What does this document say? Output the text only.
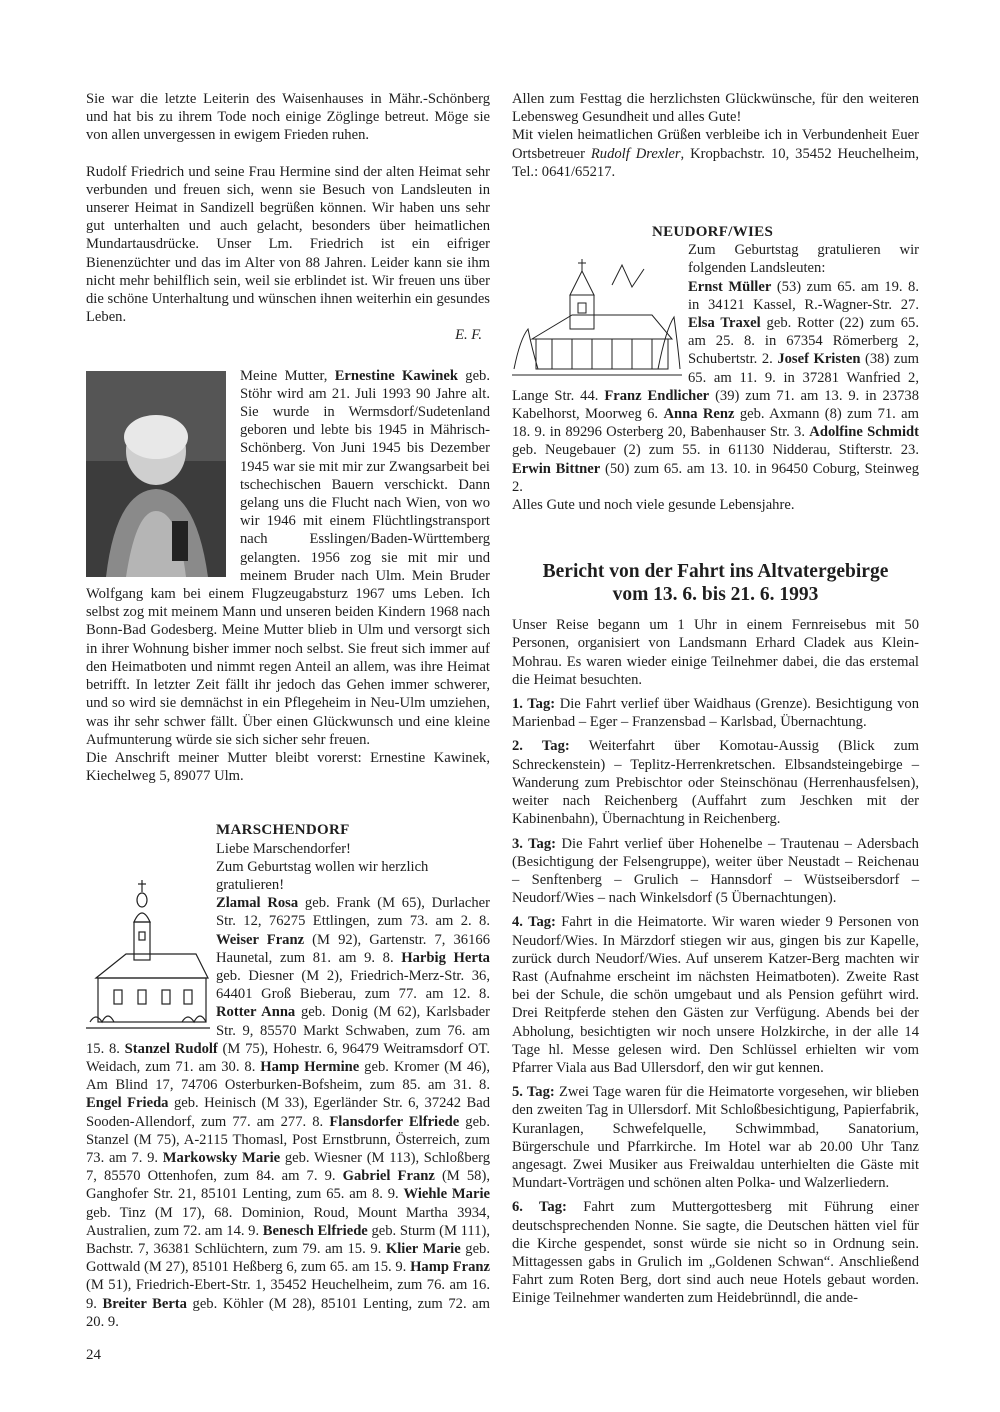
Sie war die letzte Leiterin des Waisenhauses in Mähr.-Schönberg und hat bis zu ihrem Tode noch einige Zöglinge betreut. Möge sie von allen unvergessen in ewigem Frieden ruhen.

Rudolf Friedrich und seine Frau Hermine sind der alten Heimat sehr verbunden und freuen sich, wenn sie Besuch von Landsleuten in unserer Heimat in Sandizell begrüßen können. Wir haben uns sehr gut unterhalten und auch gelacht, besonders über heimatlichen Mundartausdrücke. Unser Lm. Friedrich ist ein eifriger Bienenzüchter und das im Alter von 88 Jahren. Leider kann sie ihm nicht mehr behilflich sein, weil sie erblindet ist. Wir freuen uns über die schöne Unterhaltung und wünschen ihnen weiterhin ein gesundes Leben.

E. F.

Meine Mutter, Ernestine Kawinek geb. Stöhr wird am 21. Juli 1993 90 Jahre alt. Sie wurde in Wermsdorf/Sudetenland geboren und lebte bis 1945 in Mährisch-Schönberg. Von Juni 1945 bis Dezember 1945 war sie mit mir zur Zwangsarbeit bei tschechischen Bauern verschickt. Dann gelang uns die Flucht nach Wien, von wo wir 1946 mit einem Flüchtlingstransport nach Esslingen/Baden-Württemberg gelangten. 1956 zog sie mit mir und meinem Bruder nach Ulm. Mein Bruder Wolfgang kam bei einem Flugzeugabsturz 1967 ums Leben. Ich selbst zog mit meinem Mann und unseren beiden Kindern 1968 nach Bonn-Bad Godesberg. Meine Mutter blieb in Ulm und versorgt sich in ihrer Wohnung bisher immer noch selbst. Sie freut sich immer auf den Heimatboten und nimmt regen Anteil an allem, was ihre Heimat betrifft. In letzter Zeit fällt ihr jedoch das Gehen immer schwerer, und so wird sie demnächst in ein Pflegeheim in Neu-Ulm umziehen, was ihr sehr schwer fällt. Über einen Glückwunsch und eine kleine Aufmunterung würde sie sich sicher sehr freuen.

Die Anschrift meiner Mutter bleibt vorerst: Ernestine Kawinek, Kiechelweg 5, 89077 Ulm.

MARSCHENDORF
Liebe Marschendorfer!

Zum Geburtstag wollen wir herzlich gratulieren!

Zlamal Rosa geb. Frank (M 65), Durlacher Str. 12, 76275 Ettlingen, zum 73. am 2. 8. Weiser Franz (M 92), Gartenstr. 7, 36166 Haunetal, zum 81. am 9. 8. Harbig Herta geb. Diesner (M 2), Friedrich-Merz-Str. 36, 64401 Groß Bieberau, zum 77. am 12. 8. Rotter Anna geb. Donig (M 62), Karlsbader Str. 9, 85570 Markt Schwaben, zum 76. am 15. 8. Stanzel Rudolf (M 75), Hohestr. 6, 96479 Weitramsdorf OT. Weidach, zum 71. am 30. 8. Hamp Hermine geb. Kromer (M 46), Am Blind 17, 74706 Osterburken-Bofsheim, zum 85. am 31. 8. Engel Frieda geb. Heinisch (M 33), Egerländer Str. 6, 37242 Bad Sooden-Allendorf, zum 77. am 277. 8. Flansdorfer Elfriede geb. Stanzel (M 75), A-2115 Thomasl, Post Ernstbrunn, Österreich, zum 73. am 7. 9. Markowsky Marie geb. Wiesner (M 113), Schloßberg 7, 85570 Ottenhofen, zum 84. am 7. 9. Gabriel Franz (M 58), Ganghofer Str. 21, 85101 Lenting, zum 65. am 8. 9. Wiehle Marie geb. Tinz (M 17), 68. Dominion, Roud, Mount Martha 3934, Australien, zum 72. am 14. 9. Benesch Elfriede geb. Sturm (M 111), Bachstr. 7, 36381 Schlüchtern, zum 79. am 15. 9. Klier Marie geb. Gottwald (M 27), 85101 Heßberg 6, zum 65. am 15. 9. Hamp Franz (M 51), Friedrich-Ebert-Str. 1, 35452 Heuchelheim, zum 76. am 16. 9. Breiter Berta geb. Köhler (M 28), 85101 Lenting, zum 72. am 20. 9.

Allen zum Festtag die herzlichsten Glückwünsche, für den weiteren Lebensweg Gesundheit und alles Gute!

Mit vielen heimatlichen Grüßen verbleibe ich in Verbundenheit Euer Ortsbetreuer Rudolf Drexler, Kropbachstr. 10, 35452 Heuchelheim, Tel.: 0641/65217.

NEUDORF/WIES

Zum Geburtstag gratulieren wir folgenden Landsleuten:

Ernst Müller (53) zum 65. am 19. 8. in 34121 Kassel, R.-Wagner-Str. 27. Elsa Traxel geb. Rotter (22) zum 65. am 25. 8. in 67354 Römerberg 2, Schubertstr. 2. Josef Kristen (38) zum 65. am 11. 9. in 37281 Wanfried 2, Lange Str. 44. Franz Endlicher (39) zum 71. am 13. 9. in 23738 Kabelhorst, Moorweg 6. Anna Renz geb. Axmann (8) zum 71. am 18. 9. in 89296 Osterberg 20, Babenhauser Str. 3. Adolfine Schmidt geb. Neugebauer (2) zum 55. in 61130 Nidderau, Stifterstr. 23. Erwin Bittner (50) zum 65. am 13. 10. in 96450 Coburg, Steinweg 2.

Alles Gute und noch viele gesunde Lebensjahre.

Bericht von der Fahrt ins Altvatergebirge
vom 13. 6. bis 21. 6. 1993

Unser Reise begann um 1 Uhr in einem Fernreisebus mit 50 Personen, organisiert von Landsmann Erhard Cladek aus Klein-Mohrau. Es waren wieder einige Teilnehmer dabei, die das erstemal die Heimat besuchten.

1. Tag: Die Fahrt verlief über Waidhaus (Grenze). Besichtigung von Marienbad – Eger – Franzensbad – Karlsbad, Übernachtung.

2. Tag: Weiterfahrt über Komotau-Aussig (Blick zum Schreckenstein) – Teplitz-Herrenkretschen. Elbsandsteingebirge – Wanderung zum Prebischtor oder Steinschönau (Herrenhausfelsen), weiter nach Reichenberg (Auffahrt zum Jeschken mit der Kabinenbahn), Übernachtung in Reichenberg.

3. Tag: Die Fahrt verlief über Hohenelbe – Trautenau – Adersbach (Besichtigung der Felsengruppe), weiter über Neustadt – Reichenau – Senftenberg – Grulich – Hannsdorf – Wüstseibersdorf – Neudorf/Wies – nach Winkelsdorf (5 Übernachtungen).

4. Tag: Fahrt in die Heimatorte. Wir waren wieder 9 Personen von Neudorf/Wies. In Märzdorf stiegen wir aus, gingen bis zur Kapelle, zurück durch Neudorf/Wies. Auf unserem Katzer-Berg machten wir Rast (Aufnahme erscheint im nächsten Heimatboten). Zweite Rast bei der Schule, die schön umgebaut und als Pension geführt wird. Drei Reitpferde stehen den Gästen zur Verfügung. Abends bei der Abholung, besichtigten wir noch unsere Holzkirche, in der alle 14 Tage hl. Messe gelesen wird. Den Schlüssel erhielten wir vom Pfarrer Viala aus Bad Ullersdorf, den wir gut kennen.

5. Tag: Zwei Tage waren für die Heimatorte vorgesehen, wir blieben den zweiten Tag in Ullersdorf. Mit Schloßbesichtigung, Papierfabrik, Kuranlagen, Schwefelquelle, Schwimmbad, Sanatorium, Bürgerschule und Pfarrkirche. Im Hotel war ab 20.00 Uhr Tanz angesagt. Zwei Musiker aus Freiwaldau unterhielten die Gäste mit Mundart-Vorträgen und schönen alten Polka- und Walzerliedern.

6. Tag: Fahrt zum Muttergottesberg mit Führung einer deutschsprechenden Nonne. Sie sagte, die Deutschen hätten viel für die Kirche gespendet, sonst würde sie nicht so in Ordnung sein. Mittagessen gabs in Grulich im „Goldenen Schwan“. Anschließend Fahrt zum Roten Berg, dort sind auch neue Hotels gebaut worden. Einige Teilnehmer wanderten zum Heidebrünndl, die ande-

24
